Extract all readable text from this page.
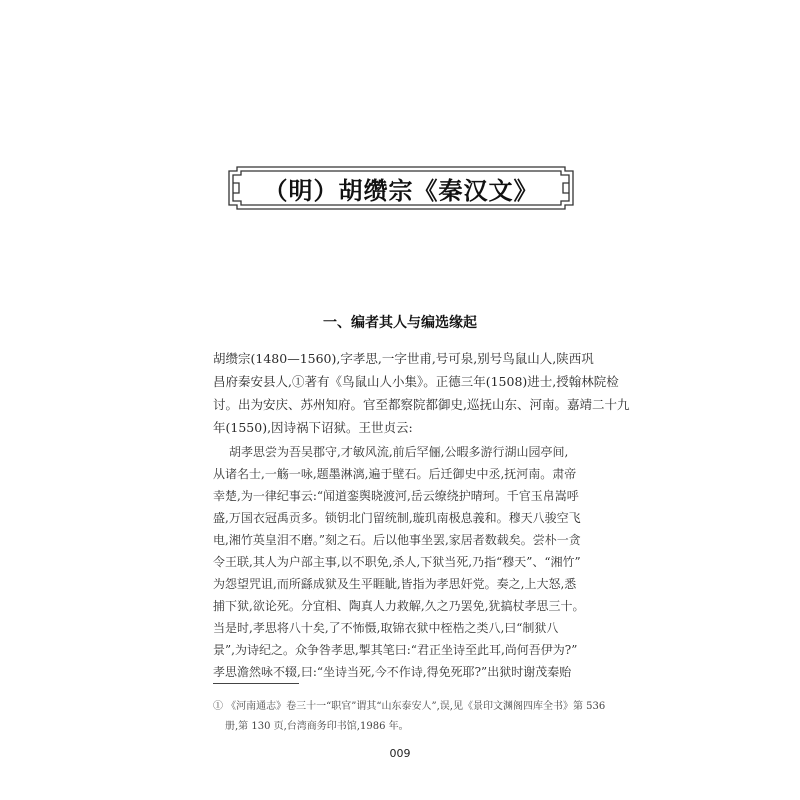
（明）胡缵宗《秦汉文》
一、编者其人与编选缘起
胡缵宗(1480—1560),字孝思,一字世甫,号可泉,别号鸟鼠山人,陕西巩
昌府秦安县人,①著有《鸟鼠山人小集》。正德三年(1508)进士,授翰林院检
讨。出为安庆、苏州知府。官至都察院都御史,巡抚山东、河南。嘉靖二十九
年(1550),因诗祸下诏狱。王世贞云:
胡孝思尝为吾吴郡守,才敏风流,前后罕俪,公暇多游行湖山园亭间,
从诸名士,一觞一咏,题墨淋漓,遍于壁石。后迁御史中丞,抚河南。肃帝
幸楚,为一律纪事云:“闻道銮舆晓渡河,岳云缭绕护晴珂。千官玉帛嵩呼
盛,万国衣冠禹贡多。锁钥北门留统制,璇玑南极息義和。穆天八骏空飞
电,湘竹英皇泪不磨。”刻之石。后以他事坐罢,家居者数载矣。尝朴一贪
令王联,其人为户部主事,以不职免,杀人,下狱当死,乃指“穆天”、“湘竹”
为怨望咒诅,而所繇成狱及生平睚眦,皆指为孝思奸党。奏之,上大怒,悉
捕下狱,欲论死。分宜相、陶真人力救解,久之乃罢免,犹搞杖孝思三十。
当是时,孝思将八十矣,了不怖慑,取锦衣狱中桎梏之类八,曰“制狱八
景”,为诗纪之。众争咎孝思,掣其笔曰:“君正坐诗至此耳,尚何吾伊为?”
孝思澹然咏不辍,曰:“坐诗当死,今不作诗,得免死耶?”出狱时谢茂秦贻
① 《河南通志》卷三十一“职官”谓其“山东泰安人”,误,见《景印文渊阁四库全书》第 536
册,第 130 页,台湾商务印书馆,1986 年。
009
